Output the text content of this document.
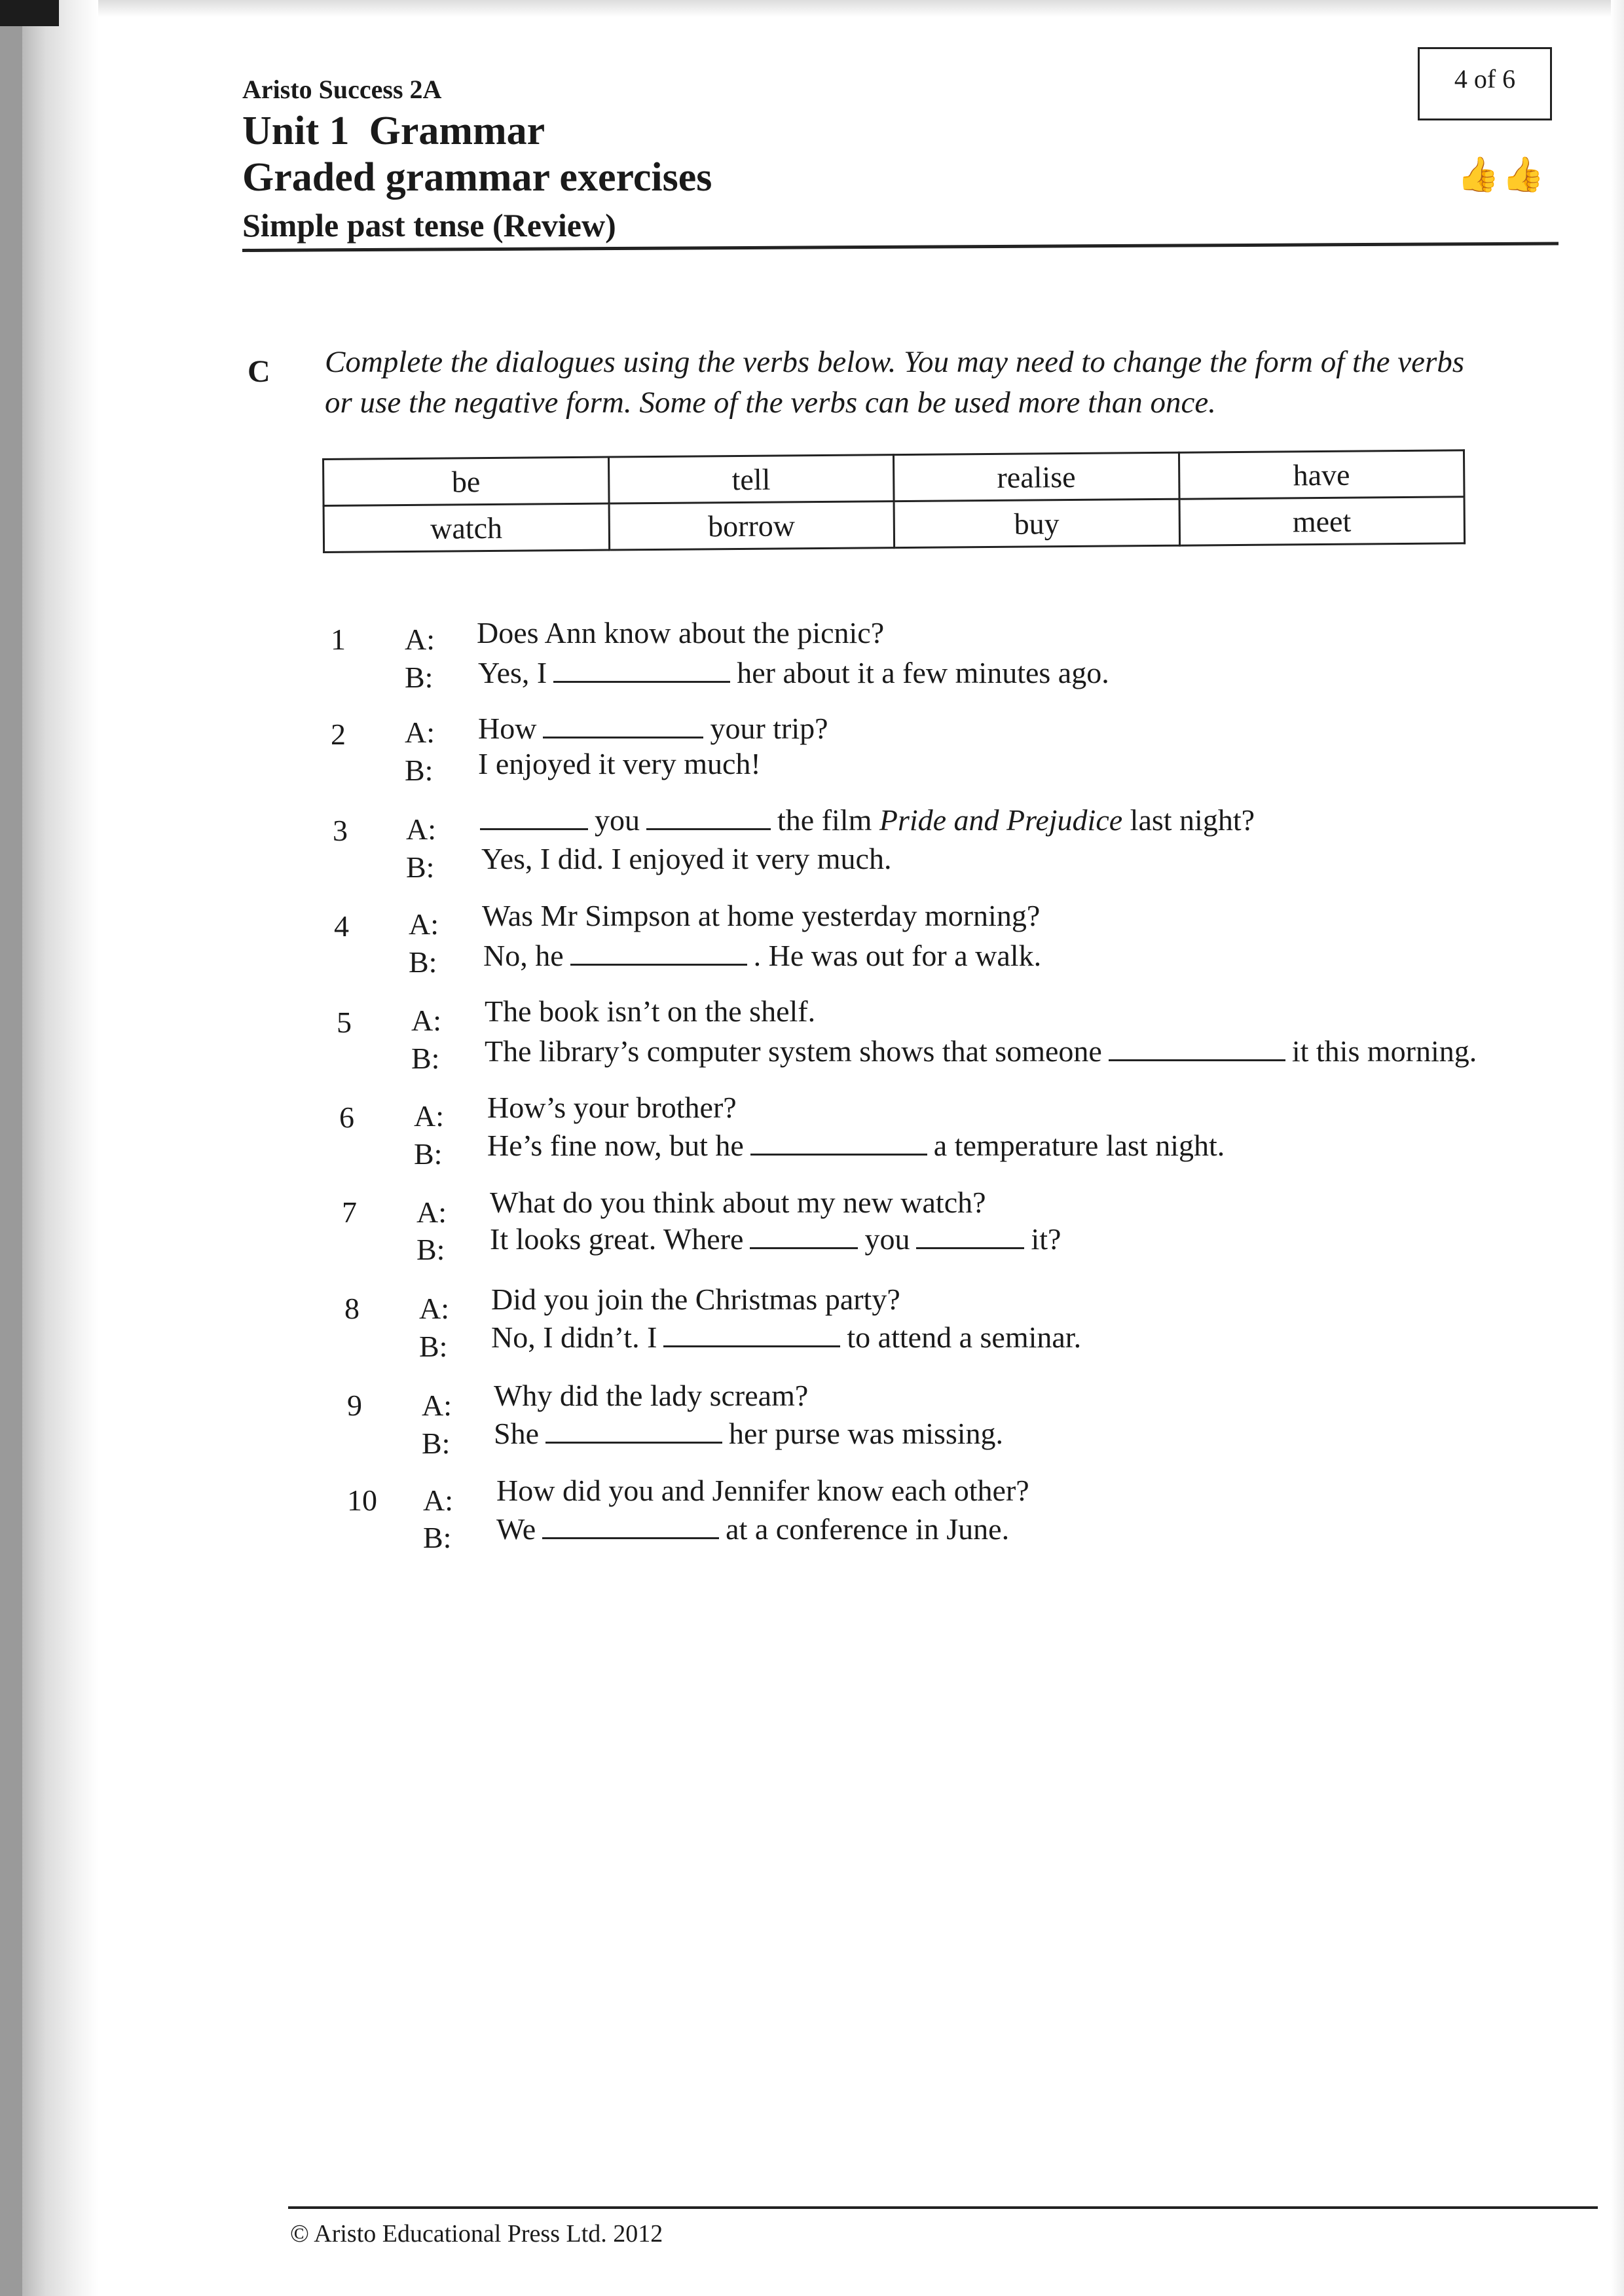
Aristo Success 2A
Unit 1 Grammar
Graded grammar exercises
Simple past tense (Review)
4 of 6
👍👍
C Complete the dialogues using the verbs below. You may need to change the form of the verbs or use the negative form. Some of the verbs can be used more than once.
be	tell	realise	have
watch	borrow	buy	meet
1 A: Does Ann know about the picnic?
B: Yes, I	her about it a few minutes ago.
2 A: How	your trip?
B: I enjoyed it very much!
3 A:	you	the film Pride and Prejudice last night?
B: Yes, I did. I enjoyed it very much.
4 A: Was Mr Simpson at home yesterday morning?
B: No, he	. He was out for a walk.
5 A: The book isn’t on the shelf.
B: The library’s computer system shows that someone	it this morning.
6 A: How’s your brother?
B: He’s fine now, but he	a temperature last night.
7 A: What do you think about my new watch?
B: It looks great. Where	you	it?
8 A: Did you join the Christmas party?
B: No, I didn’t. I	to attend a seminar.
9 A: Why did the lady scream?
B: She	her purse was missing.
10 A: How did you and Jennifer know each other?
B: We	at a conference in June.
© Aristo Educational Press Ltd. 2012
